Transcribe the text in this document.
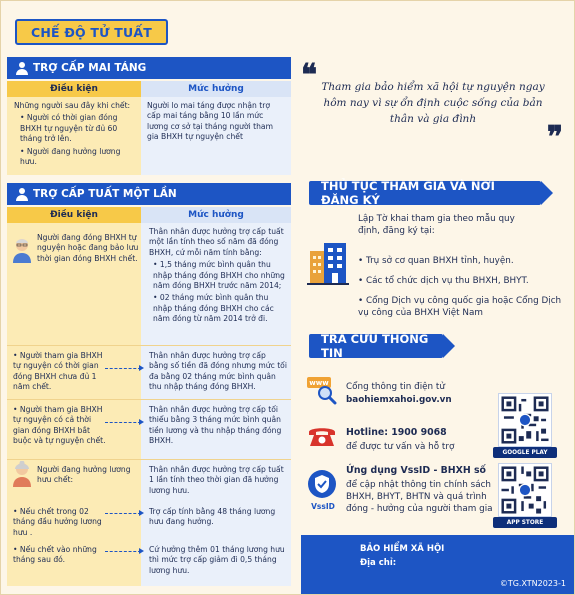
CHẾ ĐỘ TỬ TUẤT
TRỢ CẤP MAI TÁNG
Điều kiện	Mức hưởng

Những người sau đây khi chết:

• Người có thời gian đóng BHXH tự nguyện từ đủ 60 tháng trở lên.

• Người đang hưởng lương hưu.

Người lo mai táng được nhận trợ cấp mai táng bằng 10 lần mức lương cơ sở tại tháng người tham gia BHXH tự nguyện chết

TRỢ CẤP TUẤT MỘT LẦN
Điều kiện	Mức hưởng
Người đang đóng BHXH tự nguyện hoặc đang bảo lưu thời gian đóng BHXH chết.

Thân nhân được hưởng trợ cấp tuất một lần tính theo số năm đã đóng BHXH, cứ mỗi năm tính bằng:

• 1,5 tháng mức bình quân thu nhập tháng đóng BHXH cho những năm đóng BHXH trước năm 2014;

• 02 tháng mức bình quân thu nhập tháng đóng BHXH cho các năm đóng từ năm 2014 trở đi.

• Người tham gia BHXH tự nguyện có thời gian đóng BHXH chưa đủ 1 năm chết.
Thân nhân được hưởng trợ cấp bằng số tiền đã đóng nhưng mức tối đa bằng 02 tháng mức bình quân thu nhập tháng đóng BHXH.
• Người tham gia BHXH tự nguyện có cả thời gian đóng BHXH bắt buộc và tự nguyện chết.
Thân nhân được hưởng trợ cấp tối thiểu bằng 3 tháng mức bình quân tiền lương và thu nhập tháng đóng BHXH.
Người đang hưởng lương hưu chết:
Thân nhân được hưởng trợ cấp tuất 1 lần tính theo thời gian đã hưởng lương hưu.
• Nếu chết trong 02 tháng đầu hưởng lương hưu .
Trợ cấp tính bằng 48 tháng lương hưu đang hưởng.
• Nếu chết vào những tháng sau đó.
Cứ hưởng thêm 01 tháng lương hưu thì mức trợ cấp giảm đi 0,5 tháng lương hưu.
❝ Tham gia bảo hiểm xã hội tự nguyện ngay hôm nay vì sự ổn định cuộc sống của bản thân và gia đình

❞
THỦ TỤC THAM GIA VÀ NƠI ĐĂNG KÝ

Lập Tờ khai tham gia theo mẫu quy định, đăng ký tại:

• Trụ sở cơ quan BHXH tỉnh, huyện.

• Các tổ chức dịch vụ thu BHXH, BHYT.

• Cổng Dịch vụ công quốc gia hoặc Cổng Dịch vụ công của BHXH Việt Nam

TRA CỨU THÔNG TIN
www Cổng thông tin điện tử

baohiemxahoi.gov.vn

Hotline: 1900 9068

để được tư vấn và hỗ trợ

VssID

Ứng dụng VssID - BHXH số

để cập nhật thông tin chính sách BHXH, BHYT, BHTN và quá trình đóng - hưởng của người tham gia

GOOGLE PLAY
APP STORE
BẢO HIỂM XÃ HỘI
Địa chỉ:
©TG.XTN2023-1
